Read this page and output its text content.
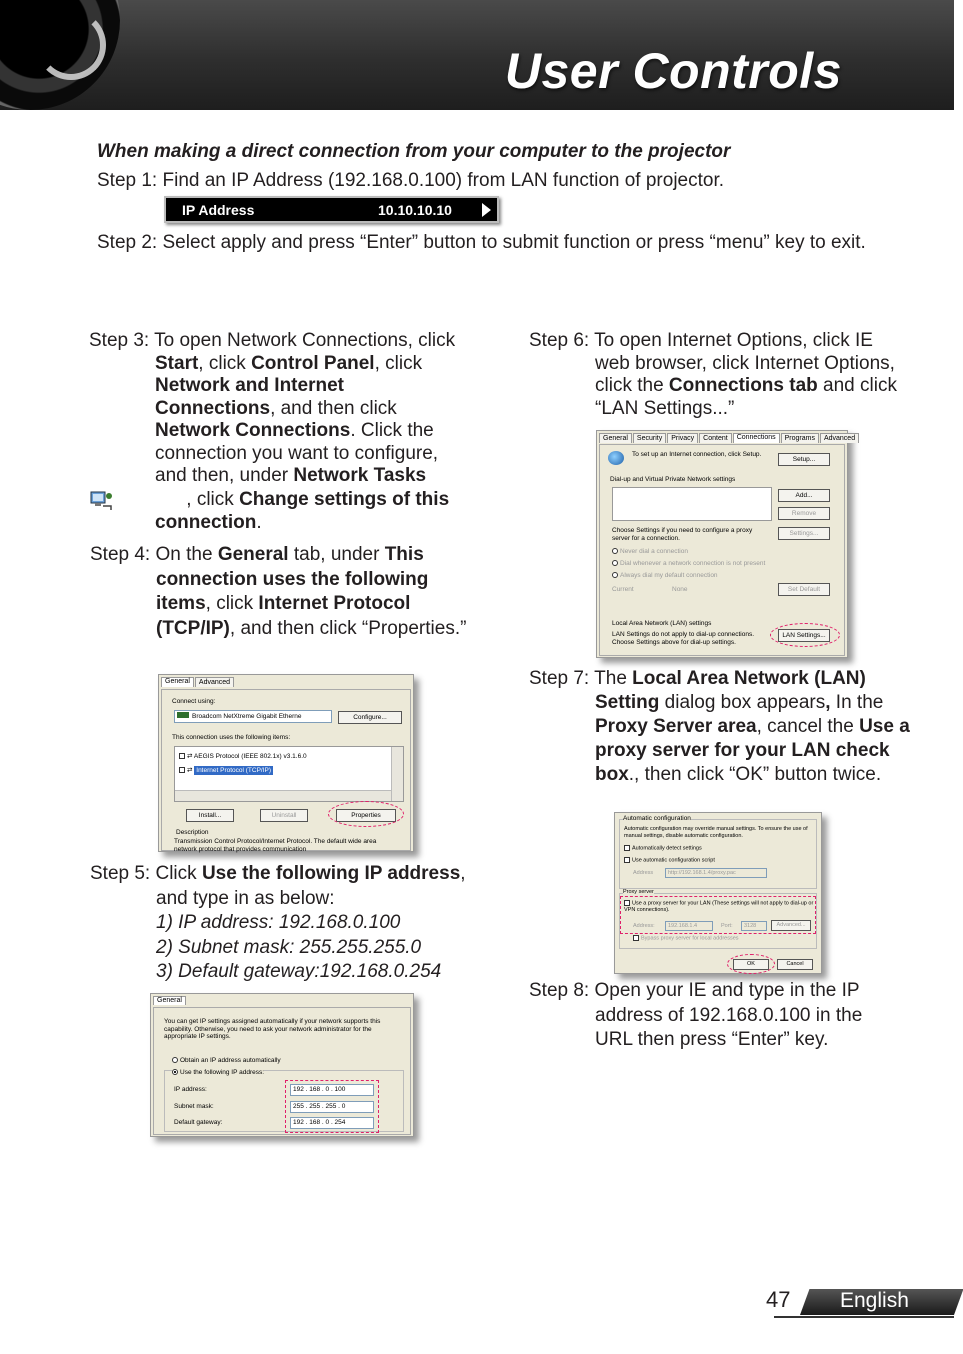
User Controls
When making a direct connection from your computer to the projector
Step 1: Find an IP Address (192.168.0.100) from LAN function of projector.
IP Address	10.10.10.10
Step 2: Select apply and press “Enter” button to submit function or press “menu” key to exit.
Step 3: To open Network Connections, click Start, click Control Panel, click Network and Internet Connections, and then click Network Connections. Click the connection you want to configure, and then, under Network Tasks
, click Change settings of this connection.
Step 4: On the General tab, under This connection uses the following items, click Internet Protocol (TCP/IP), and then click “Properties.”
General	Advanced
Connect using:
Broadcom NetXtreme Gigabit Etherne	Configure...
This connection uses the following items:
⇄ AEGIS Protocol (IEEE 802.1x) v3.1.6.0
⇄ Internet Protocol (TCP/IP)
Install...	Uninstall	Properties
Description
Transmission Control Protocol/Internet Protocol. The default wide area network protocol that provides communication
Step 5: Click Use the following IP address, and type in as below:
1) IP address: 192.168.0.100
2) Subnet mask: 255.255.255.0
3) Default gateway:192.168.0.254
General
You can get IP settings assigned automatically if your network supports this capability. Otherwise, you need to ask your network administrator for the appropriate IP settings.
Obtain an IP address automatically
Use the following IP address:
IP address:	192 . 168 . 0 . 100
Subnet mask:	255 . 255 . 255 . 0
Default gateway:	192 . 168 . 0 . 254
Step 6: To open Internet Options, click IE web browser, click Internet Options, click the Connections tab and click “LAN Settings...”
General	Security	Privacy	Content	Connections	Programs	Advanced
To set up an Internet connection, click Setup.
Setup...
Dial-up and Virtual Private Network settings
Add...
Remove
Choose Settings if you need to configure a proxy server for a connection.
Settings...
Never dial a connection
Dial whenever a network connection is not present
Always dial my default connection
Current	None	Set Default
Local Area Network (LAN) settings
LAN Settings do not apply to dial-up connections. Choose Settings above for dial-up settings.
LAN Settings...
Step 7: The Local Area Network (LAN) Setting dialog box appears, In the Proxy Server area, cancel the Use a proxy server for your LAN check box., then click “OK” button twice.
Automatic configuration
Automatic configuration may override manual settings. To ensure the use of manual settings, disable automatic configuration.
Automatically detect settings
Use automatic configuration script
Address	http://192.168.1.4/proxy.pac
Proxy server
Use a proxy server for your LAN (These settings will not apply to dial-up or VPN connections).
Address:	192.168.1.4	Port:	3128	Advanced...
Bypass proxy server for local addresses
OK	Cancel
Step 8: Open your IE and type in the IP address of 192.168.0.100 in the URL then press “Enter” key.
47 English
